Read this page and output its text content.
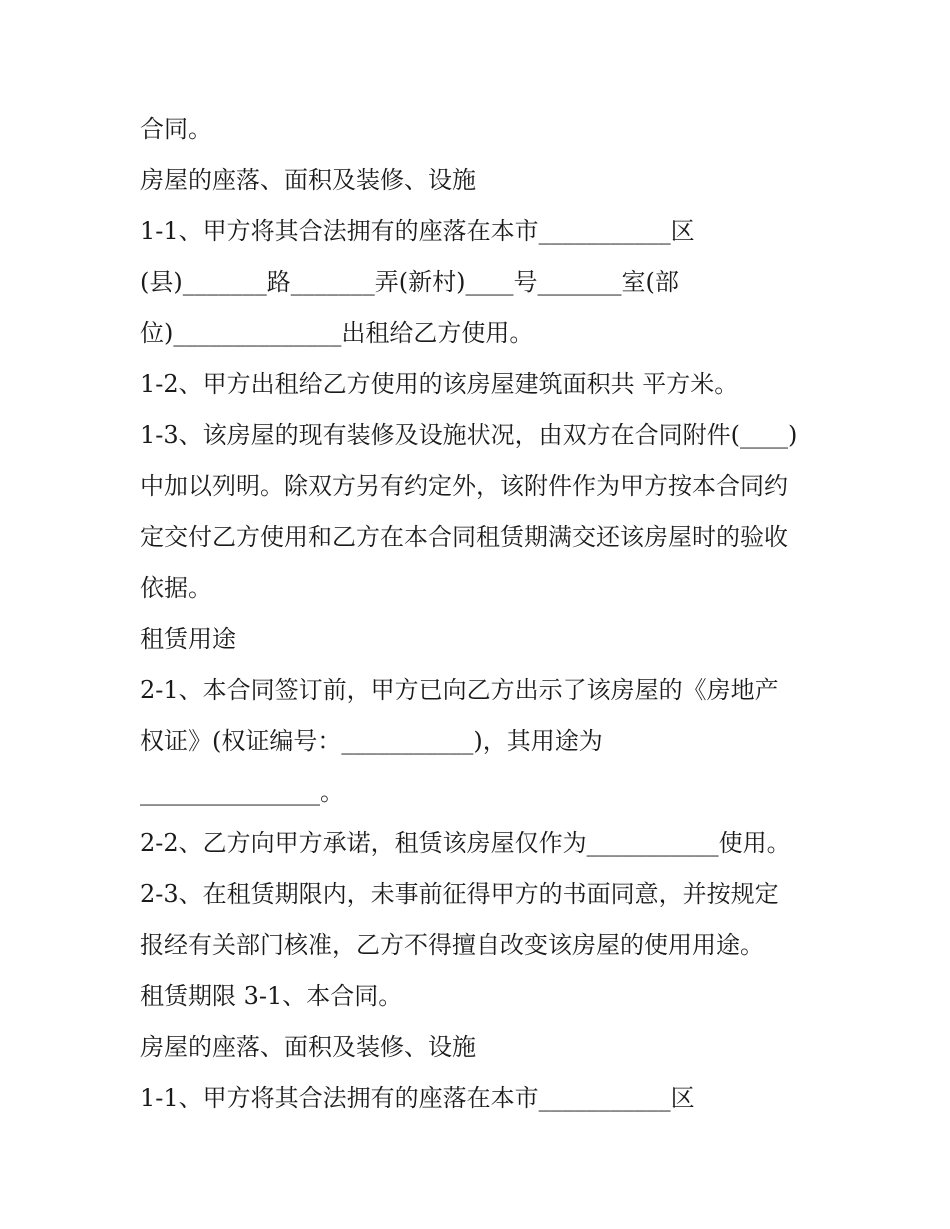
合同。

房屋的座落、面积及装修、设施

1-1、甲方将其合法拥有的座落在本市___________区

(县)_______路_______弄(新村)____号_______室(部

位)______________出租给乙方使用。

1-2、甲方出租给乙方使用的该房屋建筑面积共 平方米。

1-3、该房屋的现有装修及设施状况，由双方在合同附件(____)

中加以列明。除双方另有约定外，该附件作为甲方按本合同约

定交付乙方使用和乙方在本合同租赁期满交还该房屋时的验收

依据。

租赁用途

2-1、本合同签订前，甲方已向乙方出示了该房屋的《房地产

权证》(权证编号：___________)，其用途为

_______________。

2-2、乙方向甲方承诺，租赁该房屋仅作为___________使用。

2-3、在租赁期限内，未事前征得甲方的书面同意，并按规定

报经有关部门核准，乙方不得擅自改变该房屋的使用用途。

租赁期限 3-1、本合同。

房屋的座落、面积及装修、设施

1-1、甲方将其合法拥有的座落在本市___________区
